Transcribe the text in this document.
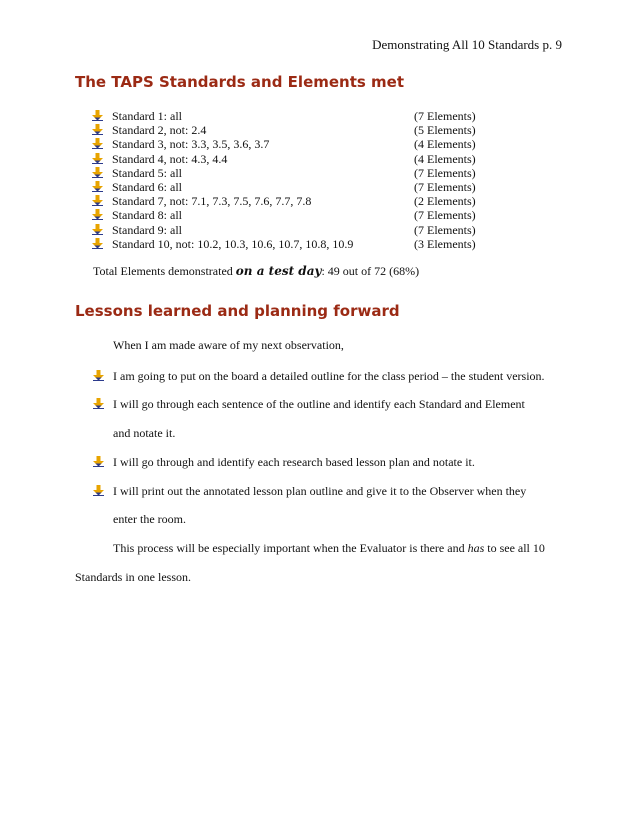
Demonstrating All 10 Standards p. 9
The TAPS Standards and Elements met
Standard 1: all	(7 Elements)
Standard 2, not: 2.4	(5 Elements)
Standard 3, not: 3.3, 3.5, 3.6, 3.7	(4 Elements)
Standard 4, not: 4.3, 4.4	(4 Elements)
Standard 5: all	(7 Elements)
Standard 6: all	(7 Elements)
Standard 7, not: 7.1, 7.3, 7.5, 7.6, 7.7, 7.8	(2 Elements)
Standard 8: all	(7 Elements)
Standard 9: all	(7 Elements)
Standard 10, not: 10.2, 10.3, 10.6, 10.7, 10.8, 10.9	(3 Elements)
Total Elements demonstrated on a test day: 49 out of 72 (68%)
Lessons learned and planning forward
When I am made aware of my next observation,
I am going to put on the board a detailed outline for the class period – the student version.
I will go through each sentence of the outline and identify each Standard and Element
and notate it.
I will go through and identify each research based lesson plan and notate it.
I will print out the annotated lesson plan outline and give it to the Observer when they
enter the room.
This process will be especially important when the Evaluator is there and has to see all 10
Standards in one lesson.
